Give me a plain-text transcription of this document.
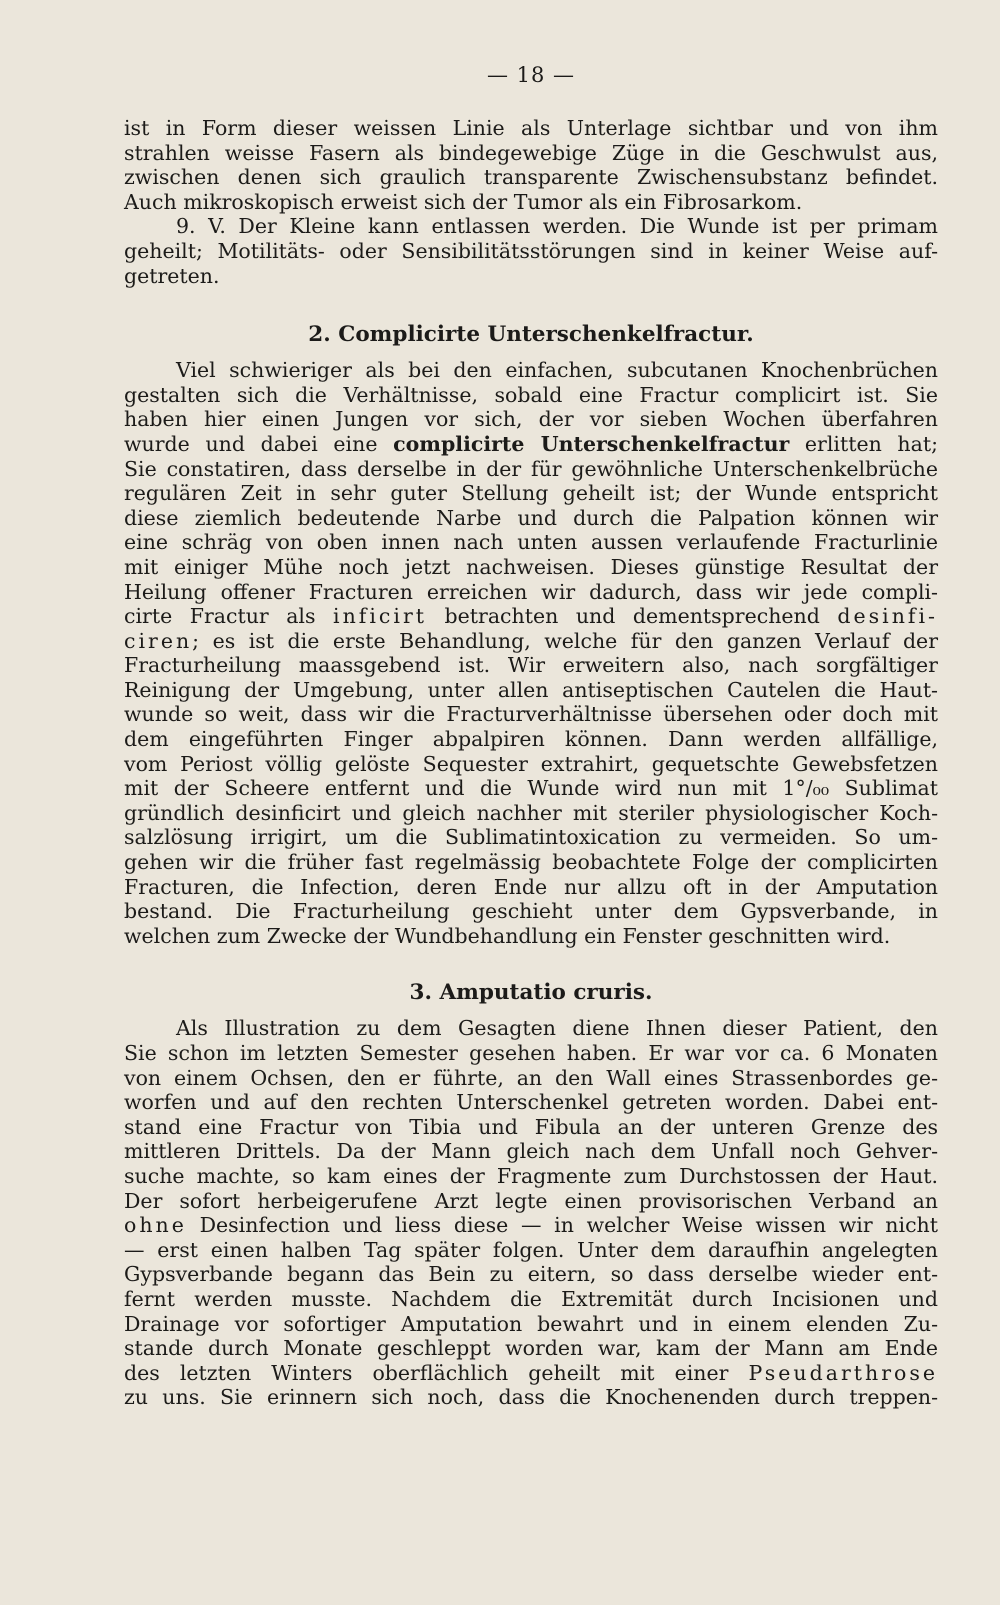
— 18 —
ist in Form dieser weissen Linie als Unterlage sichtbar und von ihm
strahlen weisse Fasern als bindegewebige Züge in die Geschwulst aus,
zwischen denen sich graulich transparente Zwischensubstanz befindet.
Auch mikroskopisch erweist sich der Tumor als ein Fibrosarkom.
9. V. Der Kleine kann entlassen werden. Die Wunde ist per primam
geheilt; Motilitäts- oder Sensibilitätsstörungen sind in keiner Weise auf-
getreten.
2. Complicirte Unterschenkelfractur.
Viel schwieriger als bei den einfachen, subcutanen Knochenbrüchen
gestalten sich die Verhältnisse, sobald eine Fractur complicirt ist. Sie
haben hier einen Jungen vor sich, der vor sieben Wochen überfahren
wurde und dabei eine complicirte Unterschenkelfractur erlitten hat;
Sie constatiren, dass derselbe in der für gewöhnliche Unterschenkelbrüche
regulären Zeit in sehr guter Stellung geheilt ist; der Wunde entspricht
diese ziemlich bedeutende Narbe und durch die Palpation können wir
eine schräg von oben innen nach unten aussen verlaufende Fracturlinie
mit einiger Mühe noch jetzt nachweisen. Dieses günstige Resultat der
Heilung offener Fracturen erreichen wir dadurch, dass wir jede compli-
cirte Fractur als inficirt betrachten und dementsprechend desinfi-
ciren; es ist die erste Behandlung, welche für den ganzen Verlauf der
Fracturheilung maassgebend ist. Wir erweitern also, nach sorgfältiger
Reinigung der Umgebung, unter allen antiseptischen Cautelen die Haut-
wunde so weit, dass wir die Fracturverhältnisse übersehen oder doch mit
dem eingeführten Finger abpalpiren können. Dann werden allfällige,
vom Periost völlig gelöste Sequester extrahirt, gequetschte Gewebsfetzen
mit der Scheere entfernt und die Wunde wird nun mit 1°/₀₀ Sublimat
gründlich desinficirt und gleich nachher mit steriler physiologischer Koch-
salzlösung irrigirt, um die Sublimatintoxication zu vermeiden. So um-
gehen wir die früher fast regelmässig beobachtete Folge der complicirten
Fracturen, die Infection, deren Ende nur allzu oft in der Amputation
bestand. Die Fracturheilung geschieht unter dem Gypsverbande, in
welchen zum Zwecke der Wundbehandlung ein Fenster geschnitten wird.
3. Amputatio cruris.
Als Illustration zu dem Gesagten diene Ihnen dieser Patient, den
Sie schon im letzten Semester gesehen haben. Er war vor ca. 6 Monaten
von einem Ochsen, den er führte, an den Wall eines Strassenbordes ge-
worfen und auf den rechten Unterschenkel getreten worden. Dabei ent-
stand eine Fractur von Tibia und Fibula an der unteren Grenze des
mittleren Drittels. Da der Mann gleich nach dem Unfall noch Gehver-
suche machte, so kam eines der Fragmente zum Durchstossen der Haut.
Der sofort herbeigerufene Arzt legte einen provisorischen Verband an
ohne Desinfection und liess diese — in welcher Weise wissen wir nicht
— erst einen halben Tag später folgen. Unter dem daraufhin angelegten
Gypsverbande begann das Bein zu eitern, so dass derselbe wieder ent-
fernt werden musste. Nachdem die Extremität durch Incisionen und
Drainage vor sofortiger Amputation bewahrt und in einem elenden Zu-
stande durch Monate geschleppt worden war, kam der Mann am Ende
des letzten Winters oberflächlich geheilt mit einer Pseudarthrose
zu uns. Sie erinnern sich noch, dass die Knochenenden durch treppen-
